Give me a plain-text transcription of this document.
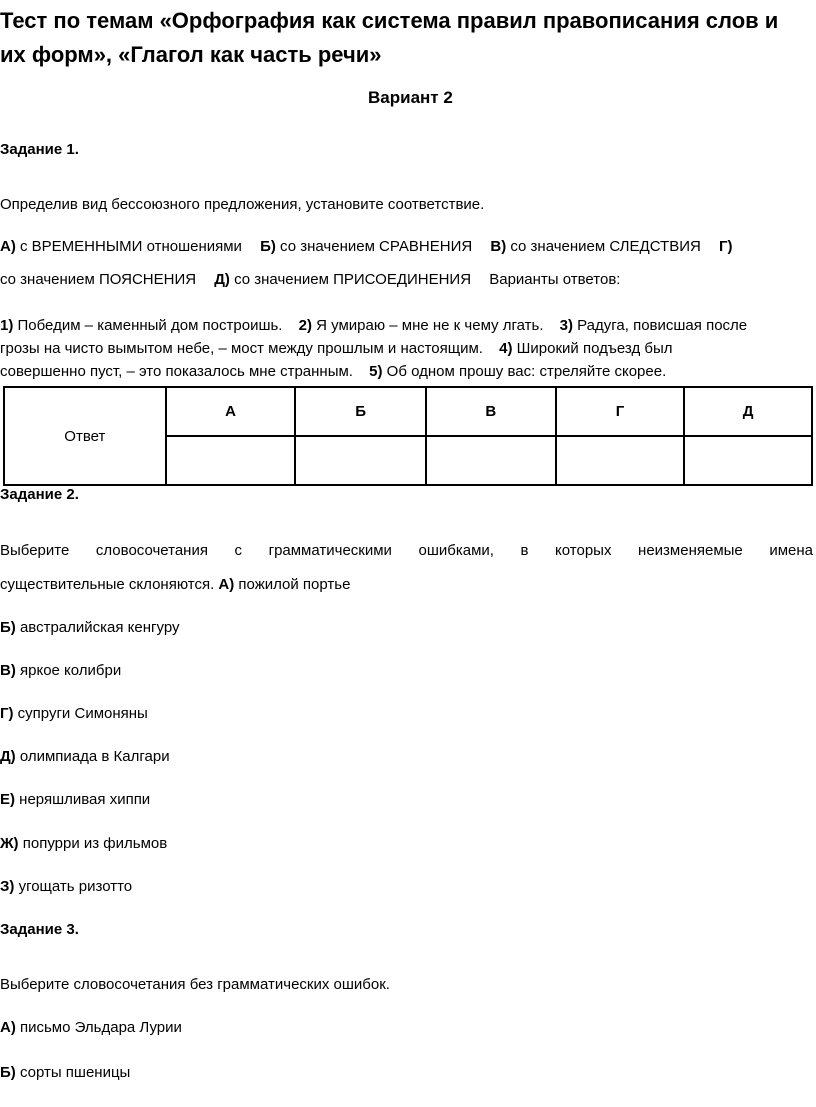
Тест по темам «Орфография как система правил правописания слов и
их форм», «Глагол как часть речи»
Вариант 2
Задание 1.
Определив вид бессоюзного предложения, установите соответствие.
А) с ВРЕМЕННЫМИ отношениями Б) со значением СРАВНЕНИЯ В) со значением СЛЕДСТВИЯ Г)
со значением ПОЯСНЕНИЯ Д) со значением ПРИСОЕДИНЕНИЯ Варианты ответов:
1) Победим – каменный дом построишь. 2) Я умираю – мне не к чему лгать. 3) Радуга, повисшая после
грозы на чисто вымытом небе, – мост между прошлым и настоящим. 4) Широкий подъезд был
совершенно пуст, – это показалось мне странным. 5) Об одном прошу вас: стреляйте скорее.
Ответ	А	Б	В	Г	Д

Задание 2.
Выберите словосочетания с грамматическими ошибками, в которых неизменяемые имена
существительные склоняются. А) пожилой портье
Б) австралийская кенгуру
В) яркое колибри
Г) супруги Симоняны
Д) олимпиада в Калгари
Е) неряшливая хиппи
Ж) попурри из фильмов
З) угощать ризотто
Задание 3.
Выберите словосочетания без грамматических ошибок.
А) письмо Эльдара Лурии
Б) сорты пшеницы
